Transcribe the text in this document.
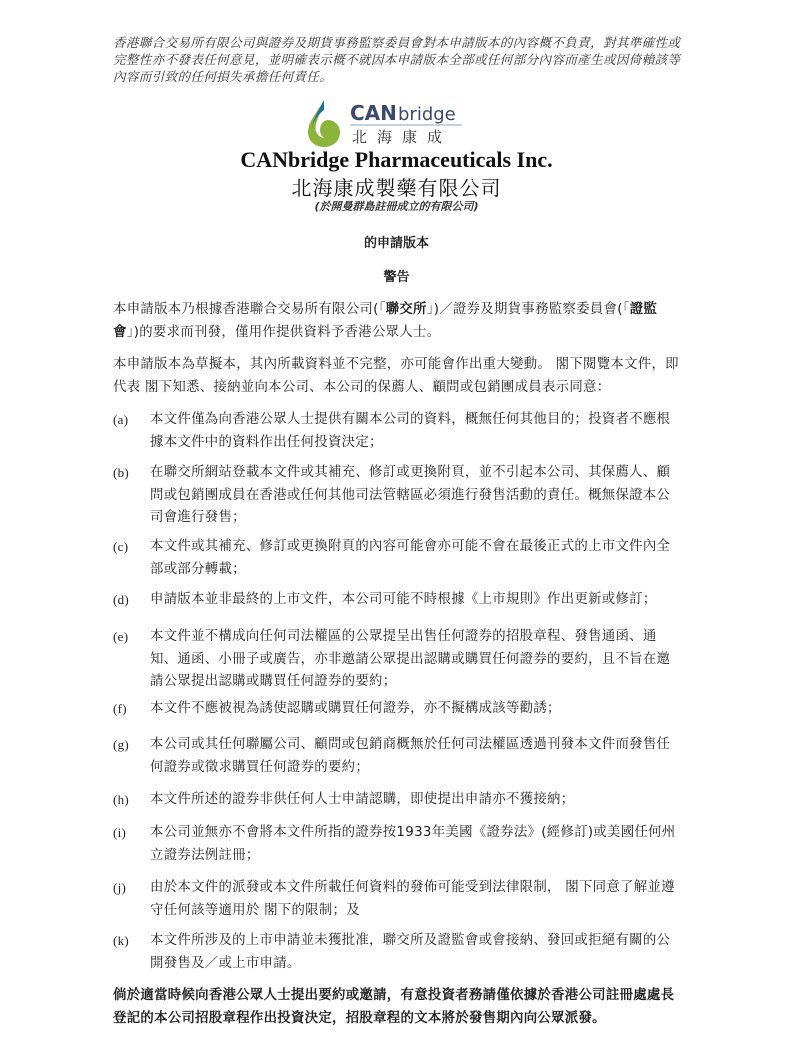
香港聯合交易所有限公司與證券及期貨事務監察委員會對本申請版本的內容概不負責，對其準確性或完整性亦不發表任何意見，並明確表示概不就因本申請版本全部或任何部分內容而產生或因倚賴該等內容而引致的任何損失承擔任何責任。
CAN bridge
北海康成
CANbridge Pharmaceuticals Inc.
北海康成製藥有限公司
(於開曼群島註冊成立的有限公司)
的申請版本
警告
本申請版本乃根據香港聯合交易所有限公司(「聯交所」)／證券及期貨事務監察委員會(「證監會」)的要求而刊發，僅用作提供資料予香港公眾人士。
本申請版本為草擬本，其內所載資料並不完整，亦可能會作出重大變動。 閣下閱覽本文件，即代表 閣下知悉、接納並向本公司、本公司的保薦人、顧問或包銷團成員表示同意：
(a)	本文件僅為向香港公眾人士提供有關本公司的資料，概無任何其他目的；投資者不應根據本文件中的資料作出任何投資決定；
(b)	在聯交所網站登載本文件或其補充、修訂或更換附頁，並不引起本公司、其保薦人、顧問或包銷團成員在香港或任何其他司法管轄區必須進行發售活動的責任。概無保證本公司會進行發售；
(c)	本文件或其補充、修訂或更換附頁的內容可能會亦可能不會在最後正式的上市文件內全部或部分轉載；
(d)	申請版本並非最終的上市文件，本公司可能不時根據《上市規則》作出更新或修訂；
(e)	本文件並不構成向任何司法權區的公眾提呈出售任何證券的招股章程、發售通函、通知、通函、小冊子或廣告，亦非邀請公眾提出認購或購買任何證券的要約，且不旨在邀請公眾提出認購或購買任何證券的要約；
(f)	本文件不應被視為誘使認購或購買任何證券，亦不擬構成該等勸誘；
(g)	本公司或其任何聯屬公司、顧問或包銷商概無於任何司法權區透過刊發本文件而發售任何證券或徵求購買任何證券的要約；
(h)	本文件所述的證券非供任何人士申請認購，即使提出申請亦不獲接納；
(i)	本公司並無亦不會將本文件所指的證券按1933年美國《證券法》(經修訂)或美國任何州立證券法例註冊；
(j)	由於本文件的派發或本文件所載任何資料的發佈可能受到法律限制， 閣下同意了解並遵守任何該等適用於 閣下的限制；及
(k)	本文件所涉及的上市申請並未獲批准，聯交所及證監會或會接納、發回或拒絕有關的公開發售及／或上市申請。
倘於適當時候向香港公眾人士提出要約或邀請，有意投資者務請僅依據於香港公司註冊處處長登記的本公司招股章程作出投資決定，招股章程的文本將於發售期內向公眾派發。
